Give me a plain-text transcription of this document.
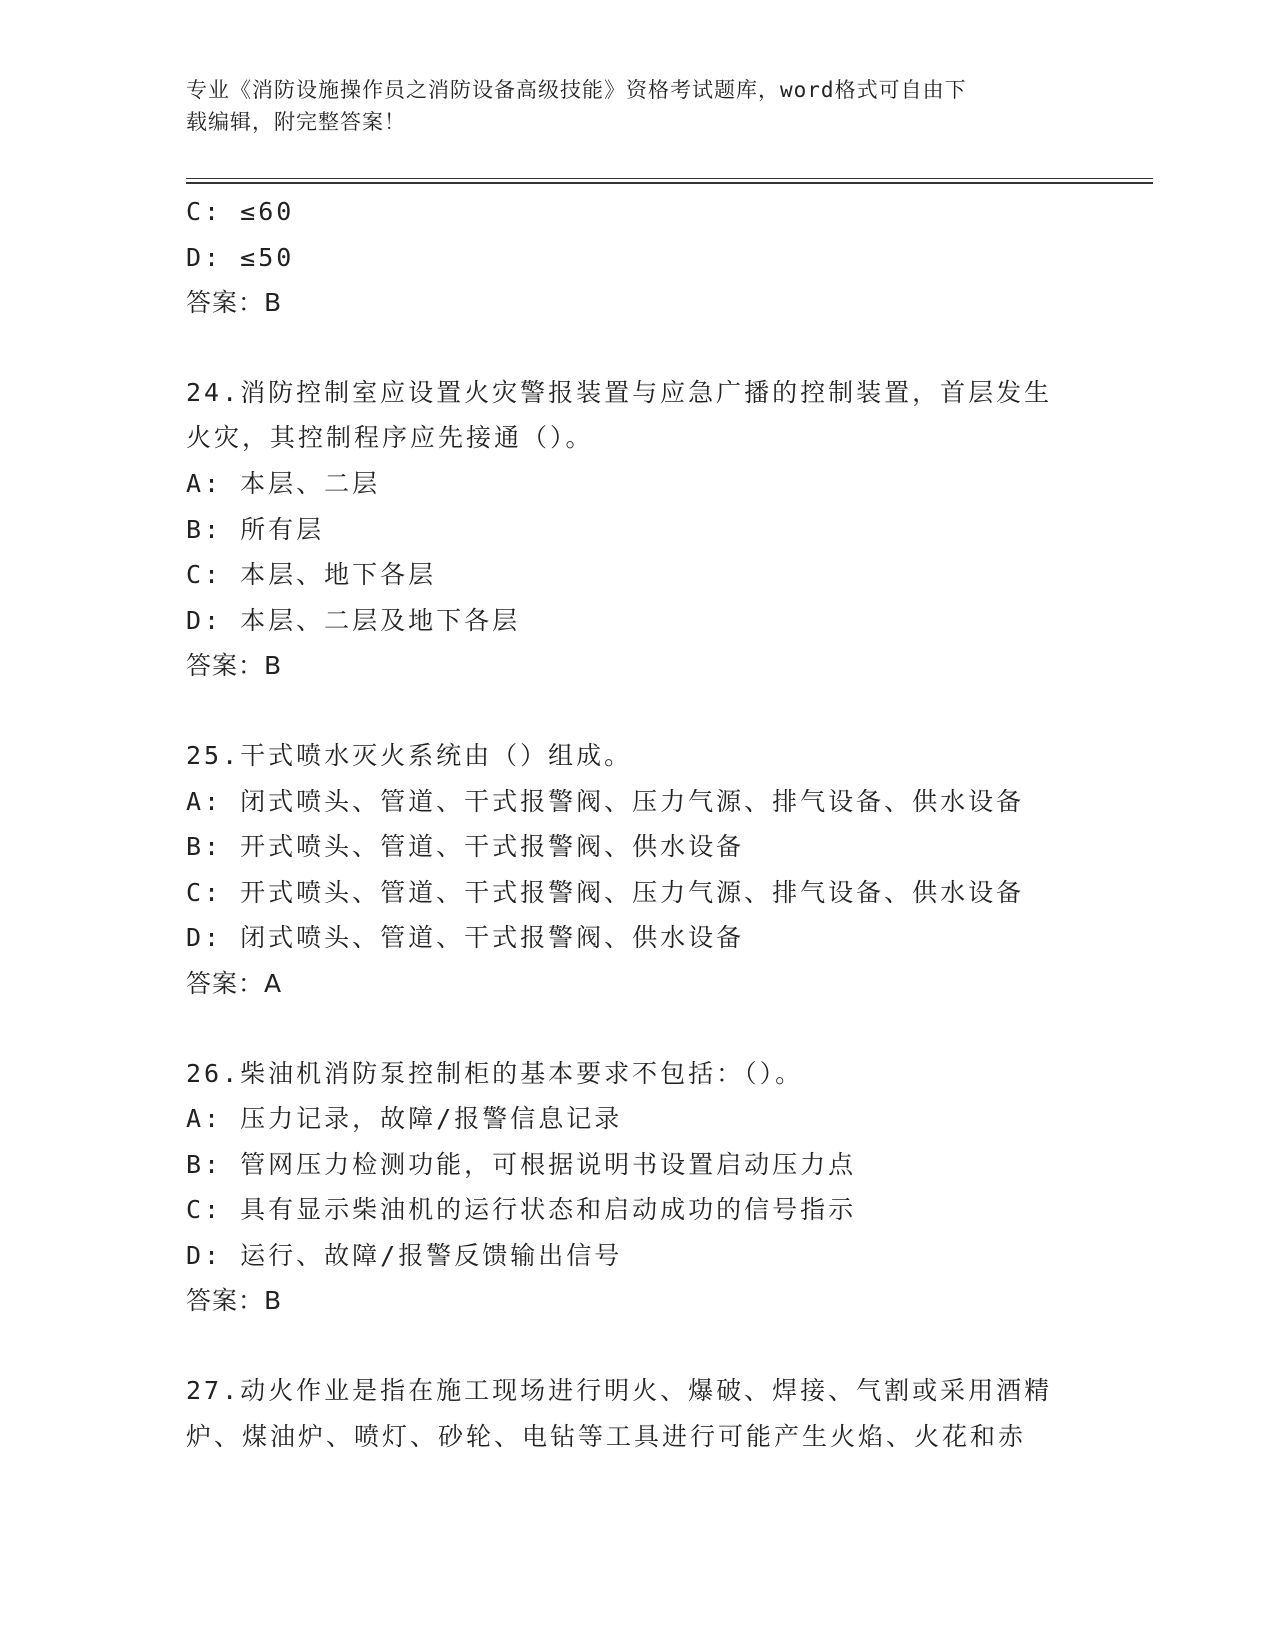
专业《消防设施操作员之消防设备高级技能》资格考试题库，word格式可自由下
载编辑，附完整答案！
C: ≤60
D: ≤50
答案：B
24.消防控制室应设置火灾警报装置与应急广播的控制装置，首层发生
火灾，其控制程序应先接通（）。
A: 本层、二层
B: 所有层
C: 本层、地下各层
D: 本层、二层及地下各层
答案：B
25.干式喷水灭火系统由（）组成。
A: 闭式喷头、管道、干式报警阀、压力气源、排气设备、供水设备
B: 开式喷头、管道、干式报警阀、供水设备
C: 开式喷头、管道、干式报警阀、压力气源、排气设备、供水设备
D: 闭式喷头、管道、干式报警阀、供水设备
答案：A
26.柴油机消防泵控制柜的基本要求不包括：（）。
A: 压力记录，故障/报警信息记录
B: 管网压力检测功能，可根据说明书设置启动压力点
C: 具有显示柴油机的运行状态和启动成功的信号指示
D: 运行、故障/报警反馈输出信号
答案：B
27.动火作业是指在施工现场进行明火、爆破、焊接、气割或采用酒精
炉、煤油炉、喷灯、砂轮、电钻等工具进行可能产生火焰、火花和赤
